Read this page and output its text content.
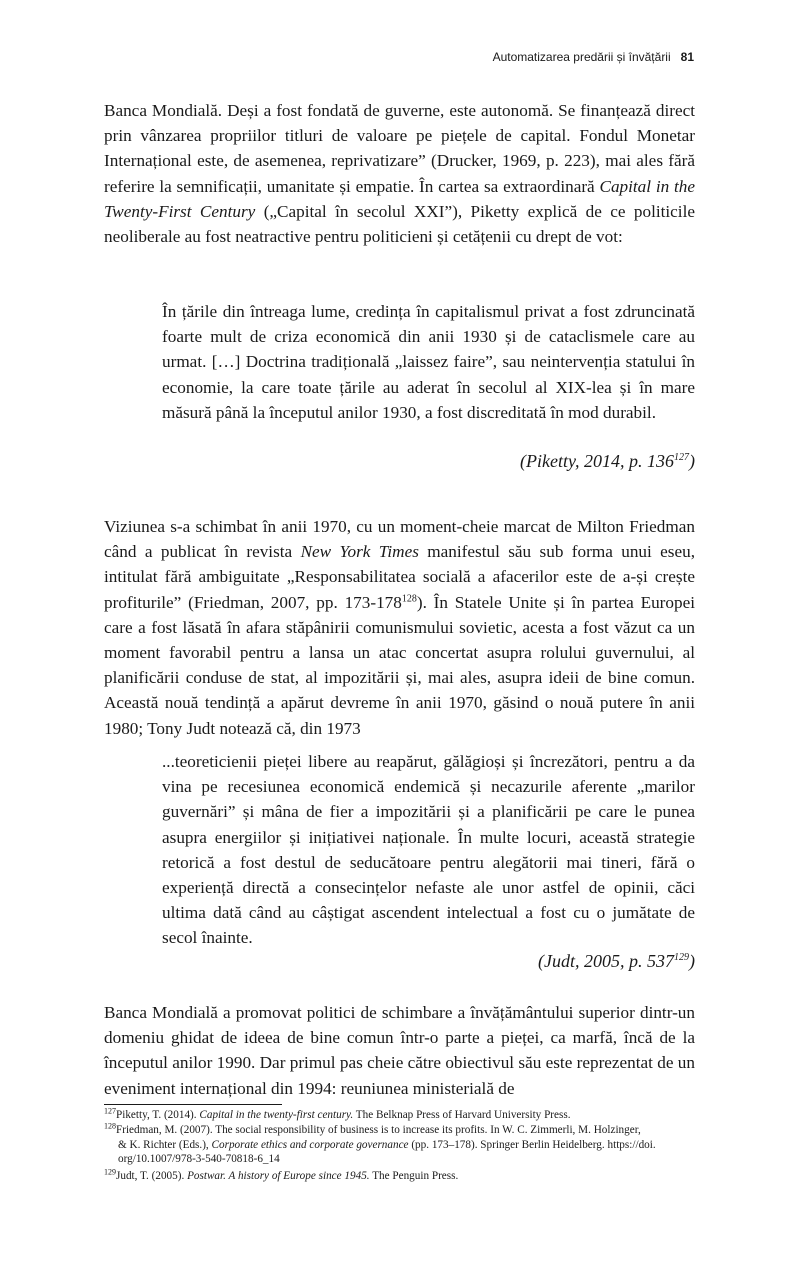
Automatizarea predării și învățării 81

Banca Mondială. Deși a fost fondată de guverne, este autonomă. Se finanțează direct prin vânzarea propriilor titluri de valoare pe piețele de capital. Fondul Monetar Internațional este, de asemenea, reprivatizare” (Drucker, 1969, p. 223), mai ales fără referire la semnificații, umanitate și empatie. În cartea sa extraordinară Capital in the Twenty-First Century („Capital în secolul XXI”), Piketty explică de ce politicile neoliberale au fost neatractive pentru politicieni și cetățenii cu drept de vot:

În țările din întreaga lume, credința în capitalismul privat a fost zdruncinată foarte mult de criza economică din anii 1930 și de cataclismele care au urmat. […] Doctrina tradițională „laissez faire”, sau neintervenția statului în economie, la care toate țările au aderat în secolul al XIX-lea și în mare măsură până la începutul anilor 1930, a fost discreditată în mod durabil.

(Piketty, 2014, p. $136^{127}$)

Viziunea s-a schimbat în anii 1970, cu un moment-cheie marcat de Milton Friedman când a publicat în revista New York Times manifestul său sub forma unui eseu, intitulat fără ambiguitate „Responsabilitatea socială a afacerilor este de a-și crește profiturile” (Friedman, 2007, pp. $173-178^{128}$). În Statele Unite și în partea Europei care a fost lăsată în afara stăpânirii comunismului sovietic, acesta a fost văzut ca un moment favorabil pentru a lansa un atac concertat asupra rolului guvernului, al planificării conduse de stat, al impozitării și, mai ales, asupra ideii de bine comun. Această nouă tendință a apărut devreme în anii 1970, găsind o nouă putere în anii 1980; Tony Judt notează că, din 1973

...teoreticienii pieței libere au reapărut, gălăgioși și încrezători, pentru a da vina pe recesiunea economică endemică și necazurile aferente „marilor guvernări” și mâna de fier a impozitării și a planificării pe care le punea asupra energiilor și inițiativei naționale. În multe locuri, această strategie retorică a fost destul de seducătoare pentru alegătorii mai tineri, fără o experiență directă a consecințelor nefaste ale unor astfel de opinii, căci ultima dată când au câștigat ascendent intelectual a fost cu o jumătate de secol înainte.

(Judt, 2005, p. $537^{129}$)

Banca Mondială a promovat politici de schimbare a învățământului superior dintr-un domeniu ghidat de ideea de bine comun într-o parte a pieței, ca marfă, încă de la începutul anilor 1990. Dar primul pas cheie către obiectivul său este reprezentat de un eveniment internațional din 1994: reuniunea ministerială de

$^{127}$Piketty, T. (2014). Capital in the twenty-first century. The Belknap Press of Harvard University Press.
$^{128}$Friedman, M. (2007). The social responsibility of business is to increase its profits. In W. C. Zimmerli, M. Holzinger,
& K. Richter (Eds.), Corporate ethics and corporate governance (pp. 173–178). Springer Berlin Heidelberg. https://doi.
org/10.1007/978-3-540-70818-6_14
$^{129}$Judt, T. (2005). Postwar. A history of Europe since 1945. The Penguin Press.
